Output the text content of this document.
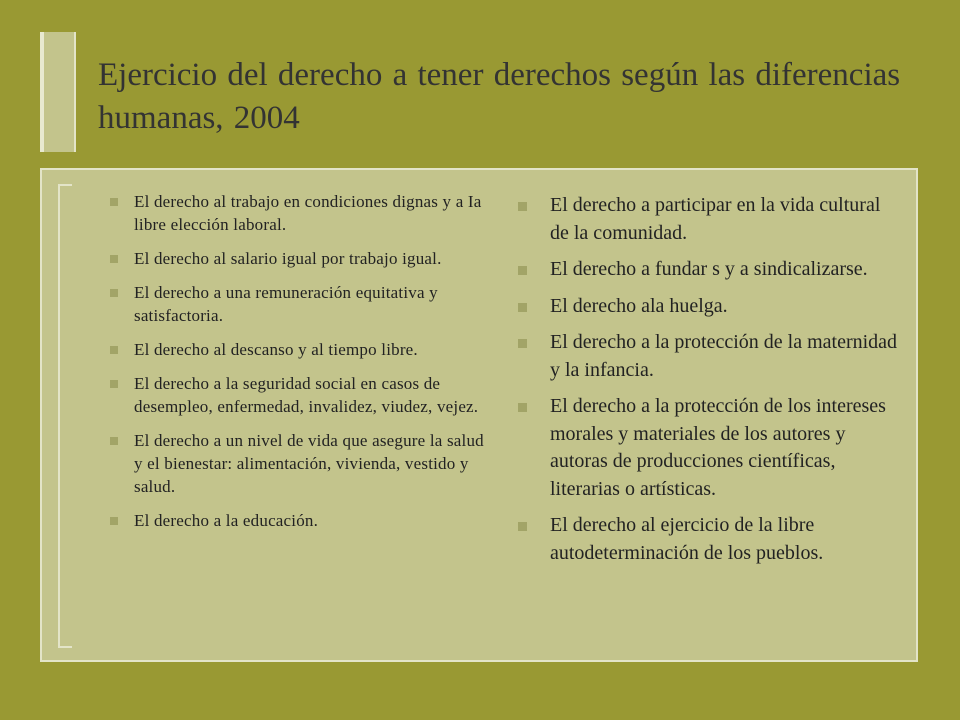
Ejercicio del derecho a tener derechos según las diferencias humanas, 2004
El derecho al trabajo en condiciones dignas y a Ia libre elección laboral.
El derecho al salario igual por trabajo igual.
El derecho a una remuneración equitativa y satisfactoria.
El derecho al descanso y al tiempo libre.
El derecho a la seguridad social en casos de desempleo, enfermedad, invalidez, viudez, vejez.
El derecho a un nivel de vida que asegure la salud y el bienestar: alimentación, vivienda, vestido y salud.
El derecho a la educación.
El derecho a participar en la vida cultural de la comunidad.
El derecho a fundar s y a sindicalizarse.
El derecho ala huelga.
El derecho a la protección de la maternidad y la infancia.
El derecho a la protección de los intereses morales y materiales de los autores y autoras de producciones científicas, literarias o artísticas.
El derecho al ejercicio de la libre autodeterminación de los pueblos.
